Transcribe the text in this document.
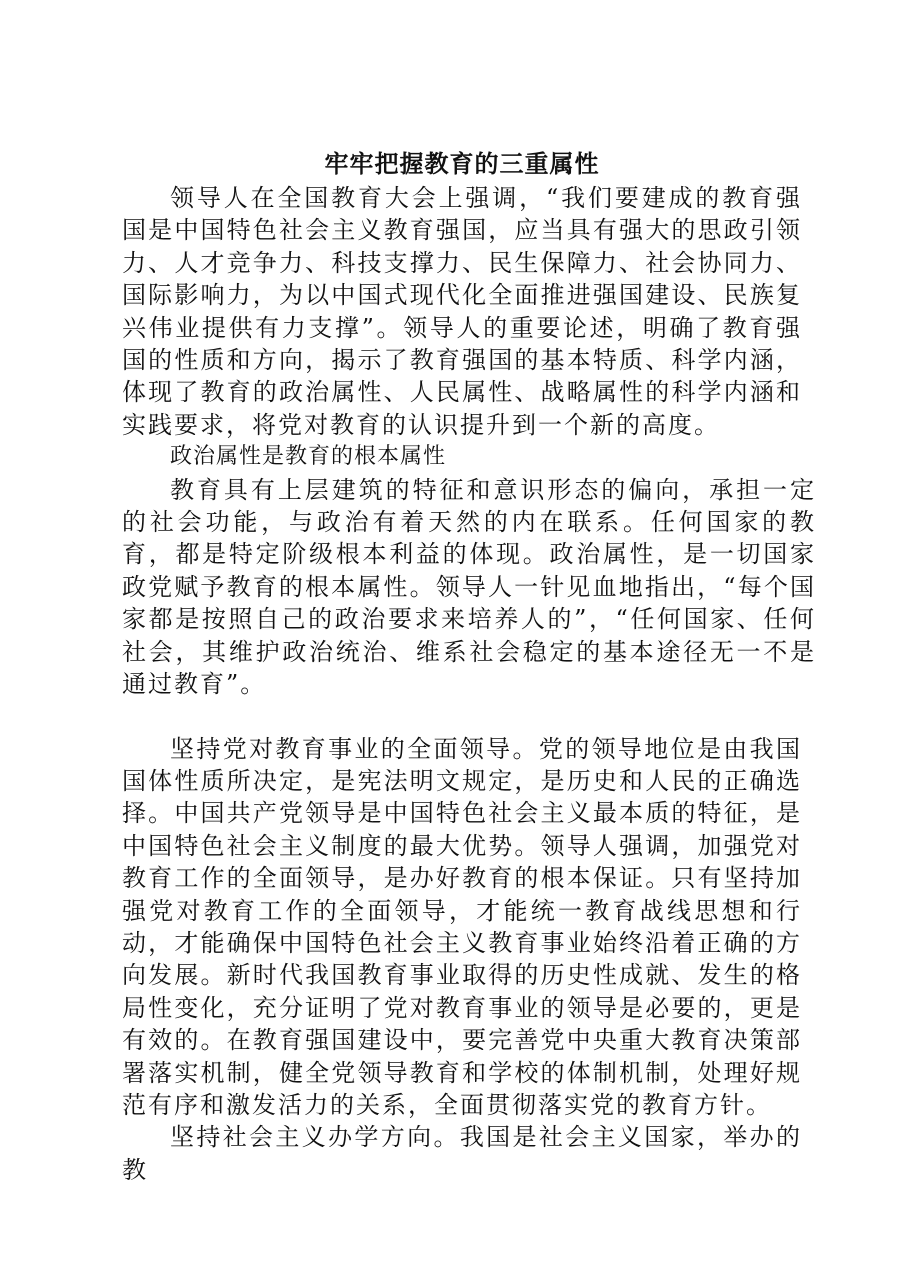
牢牢把握教育的三重属性

领导人在全国教育大会上强调，“我们要建成的教育强国是中国特色社会主义教育强国，应当具有强大的思政引领力、人才竞争力、科技支撑力、民生保障力、社会协同力、国际影响力，为以中国式现代化全面推进强国建设、民族复兴伟业提供有力支撑”。领导人的重要论述，明确了教育强国的性质和方向，揭示了教育强国的基本特质、科学内涵，体现了教育的政治属性、人民属性、战略属性的科学内涵和实践要求，将党对教育的认识提升到一个新的高度。

政治属性是教育的根本属性

教育具有上层建筑的特征和意识形态的偏向，承担一定的社会功能，与政治有着天然的内在联系。任何国家的教育，都是特定阶级根本利益的体现。政治属性，是一切国家政党赋予教育的根本属性。领导人一针见血地指出，“每个国家都是按照自己的政治要求来培养人的”，“任何国家、任何社会，其维护政治统治、维系社会稳定的基本途径无一不是通过教育”。

坚持党对教育事业的全面领导。党的领导地位是由我国国体性质所决定，是宪法明文规定，是历史和人民的正确选择。中国共产党领导是中国特色社会主义最本质的特征，是中国特色社会主义制度的最大优势。领导人强调，加强党对教育工作的全面领导，是办好教育的根本保证。只有坚持加强党对教育工作的全面领导，才能统一教育战线思想和行动，才能确保中国特色社会主义教育事业始终沿着正确的方向发展。新时代我国教育事业取得的历史性成就、发生的格局性变化，充分证明了党对教育事业的领导是必要的，更是有效的。在教育强国建设中，要完善党中央重大教育决策部署落实机制，健全党领导教育和学校的体制机制，处理好规范有序和激发活力的关系，全面贯彻落实党的教育方针。

坚持社会主义办学方向。我国是社会主义国家，举办的教
